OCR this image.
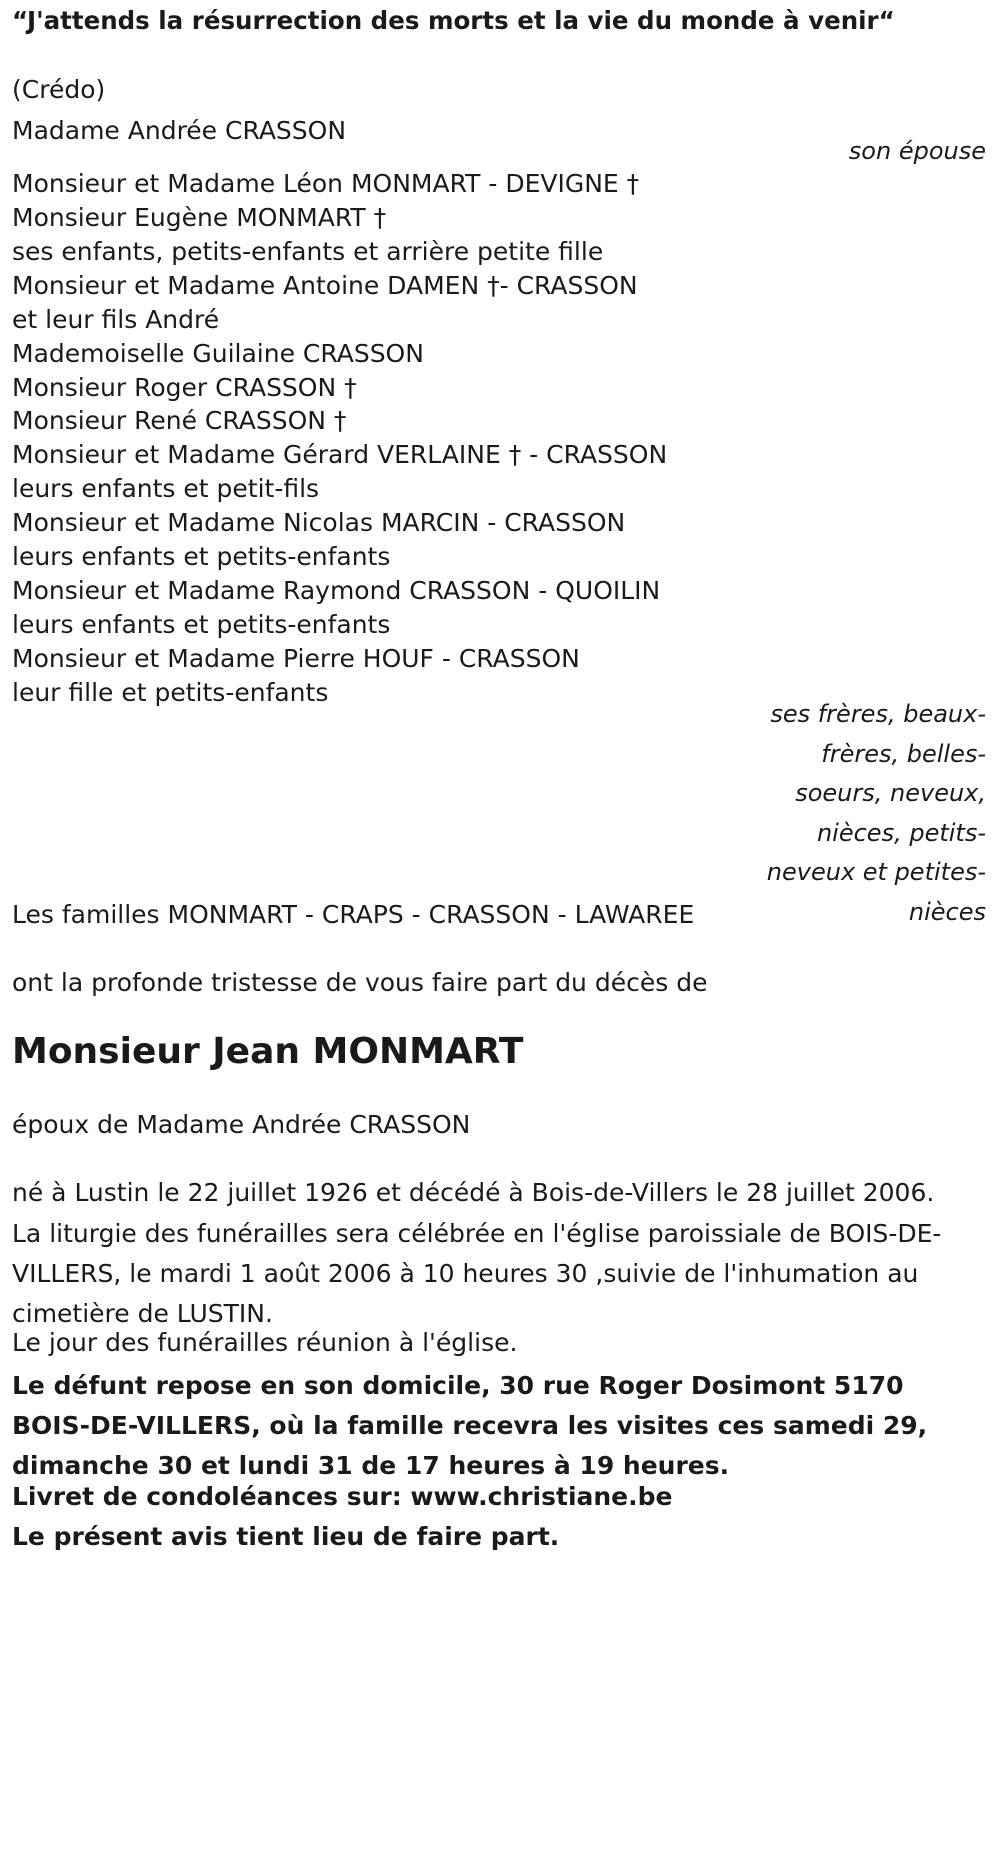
“J'attends la résurrection des morts et la vie du monde à venir“
(Crédo)
Madame Andrée CRASSON
son épouse
Monsieur et Madame Léon MONMART - DEVIGNE †
Monsieur Eugène MONMART †
ses enfants, petits-enfants et arrière petite fille
Monsieur et Madame Antoine DAMEN †- CRASSON
et leur fils André
Mademoiselle Guilaine CRASSON
Monsieur Roger CRASSON †
Monsieur René CRASSON †
Monsieur et Madame Gérard VERLAINE † - CRASSON
leurs enfants et petit-fils
Monsieur et Madame Nicolas MARCIN - CRASSON
leurs enfants et petits-enfants
Monsieur et Madame Raymond CRASSON - QUOILIN
leurs enfants et petits-enfants
Monsieur et Madame Pierre HOUF - CRASSON
leur fille et petits-enfants
ses frères, beaux-
frères, belles-
soeurs, neveux,
nièces, petits-
neveux et petites-
nièces
Les familles MONMART - CRAPS - CRASSON - LAWAREE
ont la profonde tristesse de vous faire part du décès de
Monsieur Jean MONMART
époux de Madame Andrée CRASSON
né à Lustin le 22 juillet 1926 et décédé à Bois-de-Villers le 28 juillet 2006.
La liturgie des funérailles sera célébrée en l'église paroissiale de BOIS-DE-VILLERS, le mardi 1 août 2006 à 10 heures 30 ,suivie de l'inhumation au cimetière de LUSTIN.
Le jour des funérailles réunion à l'église.
Le défunt repose en son domicile, 30 rue Roger Dosimont 5170 BOIS-DE-VILLERS, où la famille recevra les visites ces samedi 29, dimanche 30 et lundi 31 de 17 heures à 19 heures.
Livret de condoléances sur: www.christiane.be
Le présent avis tient lieu de faire part.
